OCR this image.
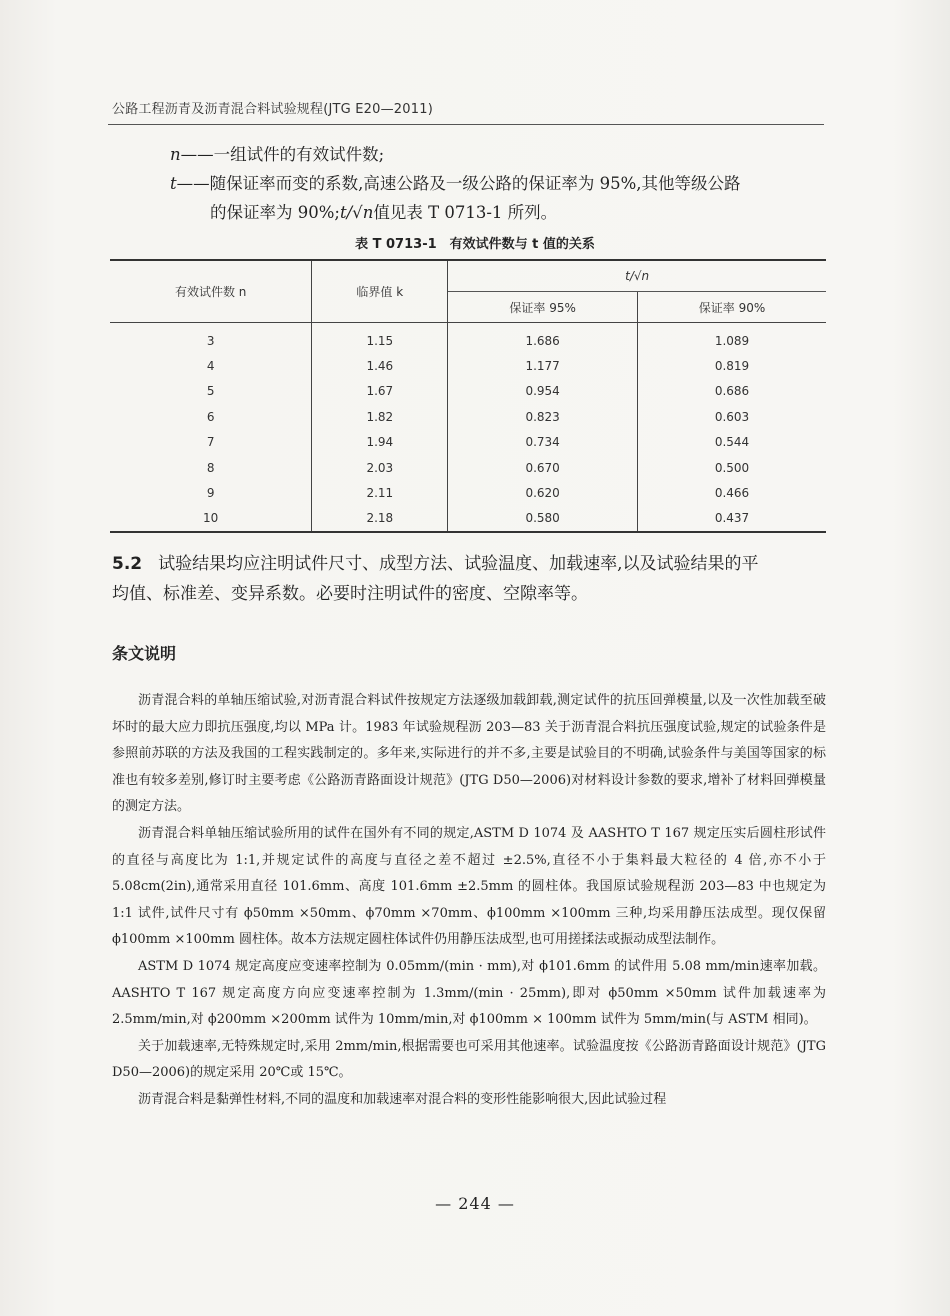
公路工程沥青及沥青混合料试验规程(JTG E20—2011)
n——一组试件的有效试件数;
t——随保证率而变的系数,高速公路及一级公路的保证率为 95%,其他等级公路
的保证率为 90%;t/√n值见表 T 0713-1 所列。
表 T 0713-1　有效试件数与 t 值的关系
有效试件数 n	临界值 k	t/√n	
		保证率 95%	保证率 90%
3	1.15	1.686	1.089
4	1.46	1.177	0.819
5	1.67	0.954	0.686
6	1.82	0.823	0.603
7	1.94	0.734	0.544
8	2.03	0.670	0.500
9	2.11	0.620	0.466
10	2.18	0.580	0.437
5.2 试验结果均应注明试件尺寸、成型方法、试验温度、加载速率,以及试验结果的平
均值、标准差、变异系数。必要时注明试件的密度、空隙率等。
条文说明

沥青混合料的单轴压缩试验,对沥青混合料试件按规定方法逐级加载卸载,测定试件的抗压回弹模量,以及一次性加载至破坏时的最大应力即抗压强度,均以 MPa 计。1983 年试验规程沥 203—83 关于沥青混合料抗压强度试验,规定的试验条件是参照前苏联的方法及我国的工程实践制定的。多年来,实际进行的并不多,主要是试验目的不明确,试验条件与美国等国家的标准也有较多差别,修订时主要考虑《公路沥青路面设计规范》(JTG D50—2006)对材料设计参数的要求,增补了材料回弹模量的测定方法。

沥青混合料单轴压缩试验所用的试件在国外有不同的规定,ASTM D 1074 及 AASHTO T 167 规定压实后圆柱形试件的直径与高度比为 1:1,并规定试件的高度与直径之差不超过 ±2.5%,直径不小于集料最大粒径的 4 倍,亦不小于 5.08cm(2in),通常采用直径 101.6mm、高度 101.6mm ±2.5mm 的圆柱体。我国原试验规程沥 203—83 中也规定为 1:1 试件,试件尺寸有 ϕ50mm ×50mm、ϕ70mm ×70mm、ϕ100mm ×100mm 三种,均采用静压法成型。现仅保留 ϕ100mm ×100mm 圆柱体。故本方法规定圆柱体试件仍用静压法成型,也可用搓揉法或振动成型法制作。

ASTM D 1074 规定高度应变速率控制为 0.05mm/(min · mm),对 ϕ101.6mm 的试件用 5.08 mm/min速率加载。AASHTO T 167 规定高度方向应变速率控制为 1.3mm/(min · 25mm),即对 ϕ50mm ×50mm 试件加载速率为 2.5mm/min,对 ϕ200mm ×200mm 试件为 10mm/min,对 ϕ100mm × 100mm 试件为 5mm/min(与 ASTM 相同)。

关于加载速率,无特殊规定时,采用 2mm/min,根据需要也可采用其他速率。试验温度按《公路沥青路面设计规范》(JTG D50—2006)的规定采用 20℃或 15℃。

沥青混合料是黏弹性材料,不同的温度和加载速率对混合料的变形性能影响很大,因此试验过程

— 244 —
